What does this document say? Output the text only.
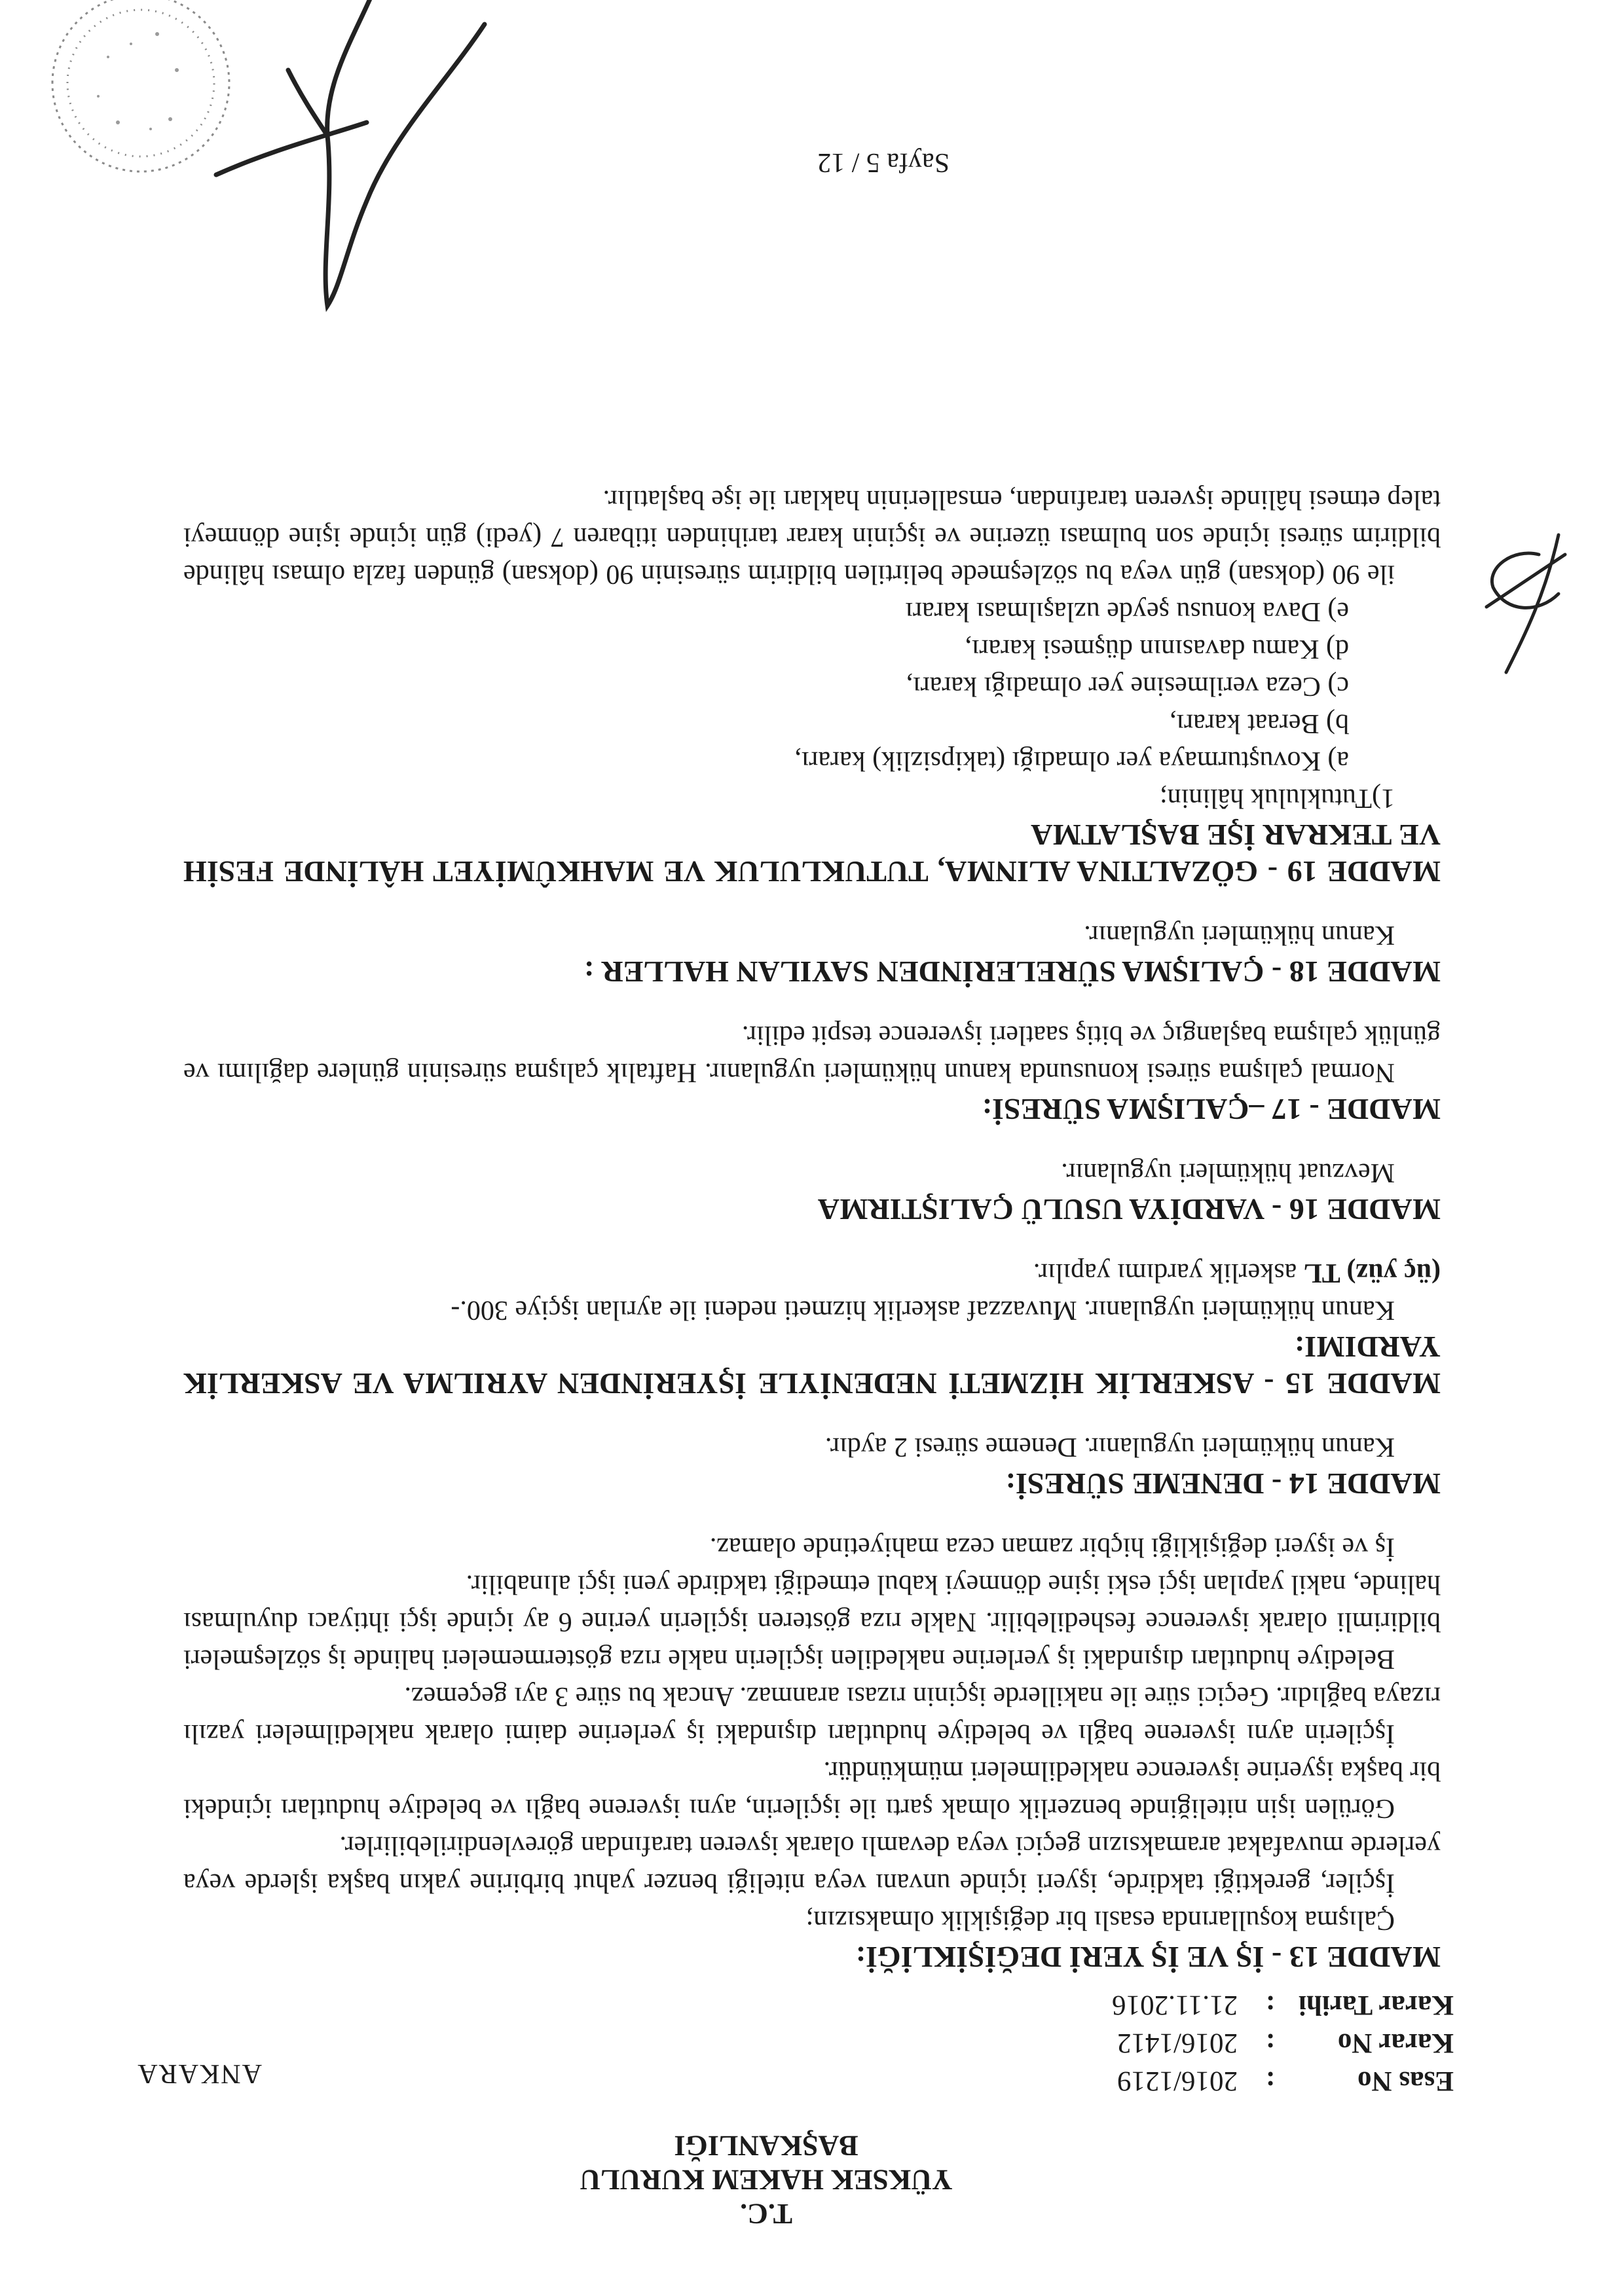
T.C.
YÜKSEK HAKEM KURULU
BAŞKANLIĞI
ANKARA	Esas No
:
2016/1219
Karar No
:
2016/1412
Karar Tarihi
:
21.11.2016

MADDE 13 - İŞ VE İŞ YERİ DEĞİŞİKLİĞİ:

Çalışma koşullarında esaslı bir değişiklik olmaksızın;

İşçiler, gerektiği takdirde, işyeri içinde unvanı veya niteliği benzer yahut birbirine yakın başka işlerde veya yerlerde muvafakat aramaksızın geçici veya devamlı olarak işveren tarafından görevlendirilebilirler.

Görülen işin niteliğinde benzerlik olmak şartı ile işçilerin, aynı işverene bağlı ve belediye hudutları içindeki bir başka işyerine işverence nakledilmeleri mümkündür.

İşçilerin aynı işverene bağlı ve belediye hudutları dışındaki iş yerlerine daimi olarak nakledilmeleri yazılı rızaya bağlıdır. Geçici süre ile nakillerde işçinin rızası aranmaz. Ancak bu süre 3 ayı geçemez.

Belediye hudutları dışındaki iş yerlerine nakledilen işçilerin nakle rıza göstermemeleri halinde iş sözleşmeleri bildirimli olarak işverence feshedilebilir. Nakle rıza gösteren işçilerin yerine 6 ay içinde işçi ihtiyacı duyulması halinde, nakil yapılan işçi eski işine dönmeyi kabul etmediği takdirde yeni işçi alınabilir.

İş ve işyeri değişikliği hiçbir zaman ceza mahiyetinde olamaz.

MADDE 14 - DENEME SÜRESİ:

Kanun hükümleri uygulanır. Deneme süresi 2 aydır.

MADDE 15 - ASKERLİK HİZMETİ NEDENİYLE İŞYERİNDEN AYRILMA VE ASKERLİK YARDIMI:

Kanun hükümleri uygulanır. Muvazzaf askerlik hizmeti nedeni ile ayrılan işçiye 300.-
(üç yüz) TL askerlik yardımı yapılır.

MADDE 16 - VARDİYA USULÜ ÇALIŞTIRMA

Mevzuat hükümleri uygulanır.

MADDE - 17 –ÇALIŞMA SÜRESİ:

Normal çalışma süresi konusunda kanun hükümleri uygulanır. Haftalık çalışma süresinin günlere dağılımı ve günlük çalışma başlangıç ve bitiş saatleri işverence tespit edilir.

MADDE 18 - ÇALIŞMA SÜRELERİNDEN SAYILAN HALLER :

Kanun hükümleri uygulanır.

MADDE 19 - GÖZALTINA ALINMA, TUTUKLULUK VE MAHKÛMİYET HÂLİNDE FESİH VE TEKRAR İŞE BAŞLATMA

1)Tutukluluk hâlinin;

a) Kovuşturmaya yer olmadığı (takipsizlik) kararı,
b) Beraat kararı,
c) Ceza verilmesine yer olmadığı kararı,
d) Kamu davasının düşmesi kararı,
e) Dava konusu şeyde uzlaşılması kararı

ile 90 (doksan) gün veya bu sözleşmede belirtilen bildirim süresinin 90 (doksan) günden fazla olması hâlinde bildirim süresi içinde son bulması üzerine ve işçinin karar tarihinden itibaren 7 (yedi) gün içinde işine dönmeyi talep etmesi hâlinde işveren tarafından, emsallerinin hakları ile işe başlatılır.

Sayfa 5 / 12
